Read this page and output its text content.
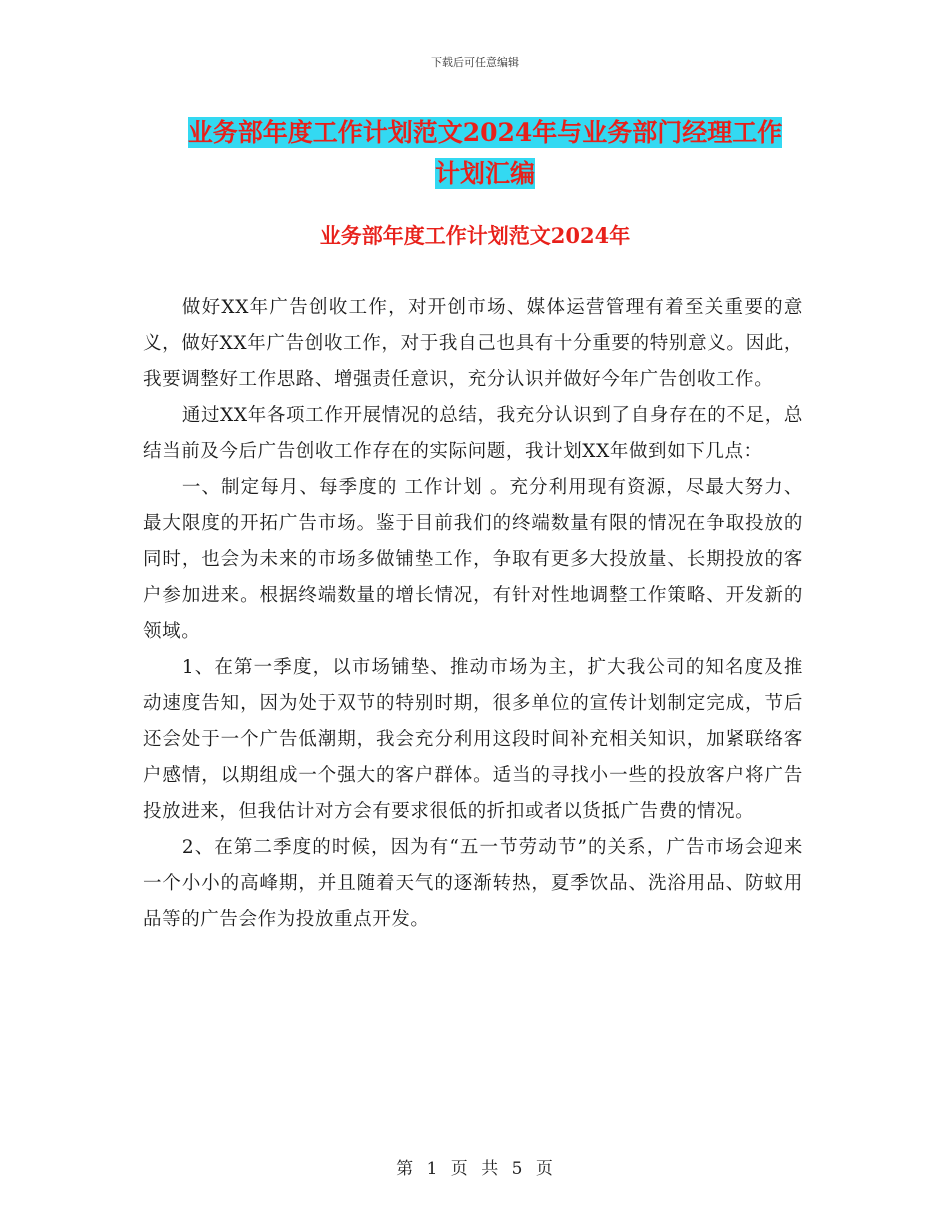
下载后可任意编辑
业务部年度工作计划范文2024年与业务部门经理工作
计划汇编
业务部年度工作计划范文2024年

做好XX年广告创收工作，对开创市场、媒体运营管理有着至关重要的意义，做好XX年广告创收工作，对于我自己也具有十分重要的特别意义。因此，我要调整好工作思路、增强责任意识，充分认识并做好今年广告创收工作。

通过XX年各项工作开展情况的总结，我充分认识到了自身存在的不足，总结当前及今后广告创收工作存在的实际问题，我计划XX年做到如下几点：

一、制定每月、每季度的 工作计划 。充分利用现有资源，尽最大努力、最大限度的开拓广告市场。鉴于目前我们的终端数量有限的情况在争取投放的同时，也会为未来的市场多做铺垫工作，争取有更多大投放量、长期投放的客户参加进来。根据终端数量的增长情况，有针对性地调整工作策略、开发新的领域。

1、在第一季度，以市场铺垫、推动市场为主，扩大我公司的知名度及推动速度告知，因为处于双节的特别时期，很多单位的宣传计划制定完成，节后还会处于一个广告低潮期，我会充分利用这段时间补充相关知识，加紧联络客户感情，以期组成一个强大的客户群体。适当的寻找小一些的投放客户将广告投放进来，但我估计对方会有要求很低的折扣或者以货抵广告费的情况。

2、在第二季度的时候，因为有“五一节劳动节”的关系，广告市场会迎来一个小小的高峰期，并且随着天气的逐渐转热，夏季饮品、洗浴用品、防蚊用品等的广告会作为投放重点开发。

第 1 页 共 5 页
